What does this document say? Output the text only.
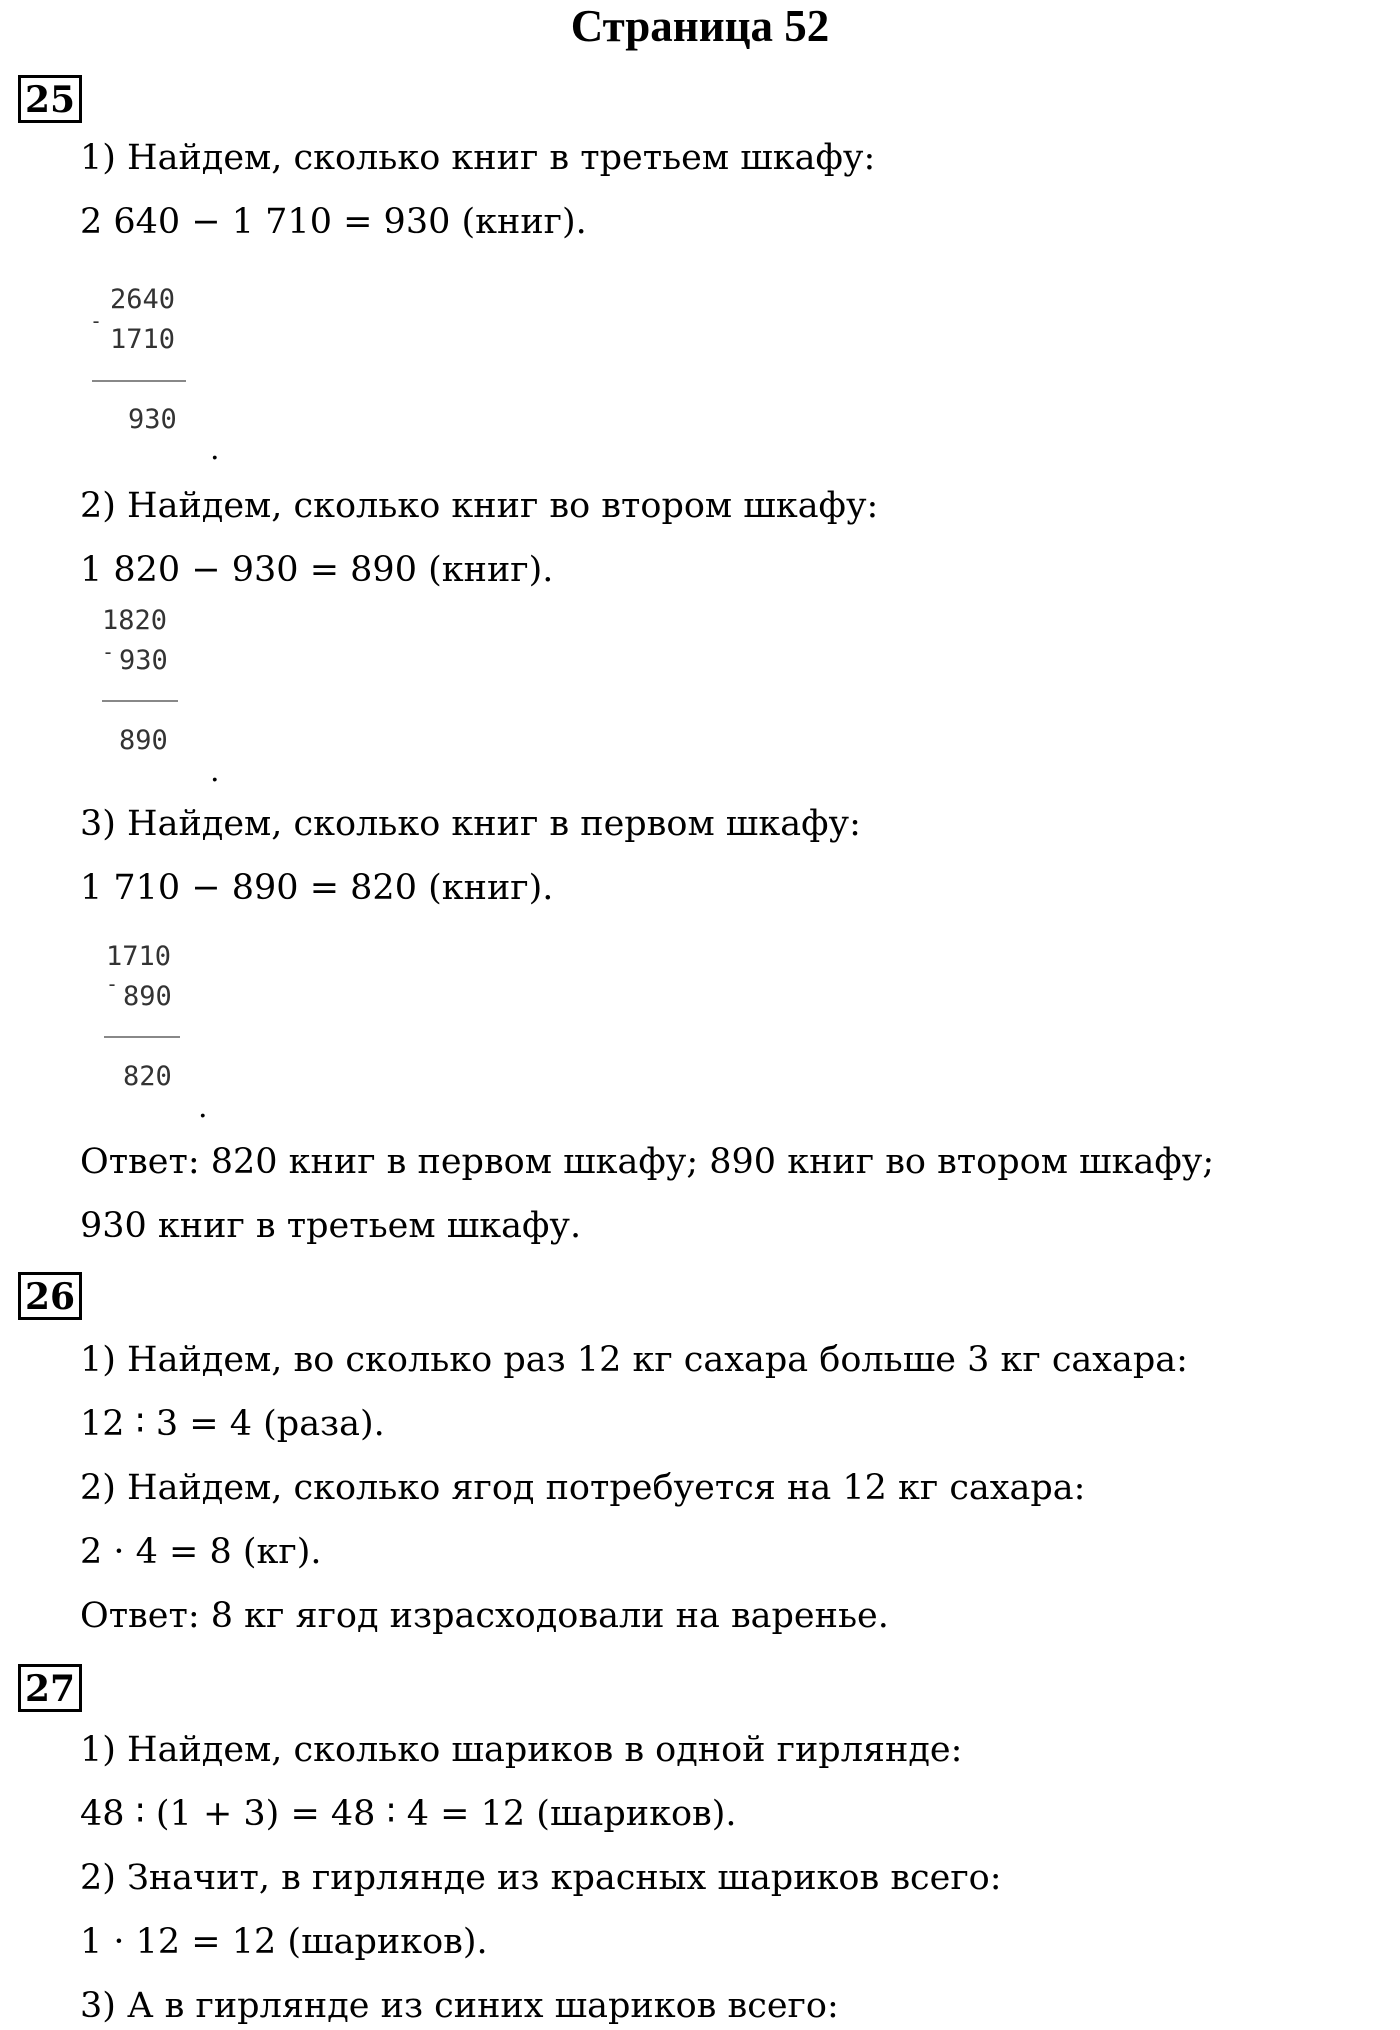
Страница 52
25
1) Найдем, сколько книг в третьем шкафу:
2 640 − 1 710 = 930 (книг).
-
2640
1710
930
.
2) Найдем, сколько книг во втором шкафу:
1 820 − 930 = 890 (книг).
-
1820
930
890
.
3) Найдем, сколько книг в первом шкафу:
1 710 − 890 = 820 (книг).
-
1710
890
820
.
Ответ: 820 книг в первом шкафу; 890 книг во втором шкафу;
930 книг в третьем шкафу.
26
1) Найдем, во сколько раз 12 кг сахара больше 3 кг сахара:
12 ∶ 3 = 4 (раза).
2) Найдем, сколько ягод потребуется на 12 кг сахара:
2 · 4 = 8 (кг).
Ответ: 8 кг ягод израсходовали на варенье.
27
1) Найдем, сколько шариков в одной гирлянде:
48 ∶ (1 + 3) = 48 ∶ 4 = 12 (шариков).
2) Значит, в гирлянде из красных шариков всего:
1 · 12 = 12 (шариков).
3) А в гирлянде из синих шариков всего:
